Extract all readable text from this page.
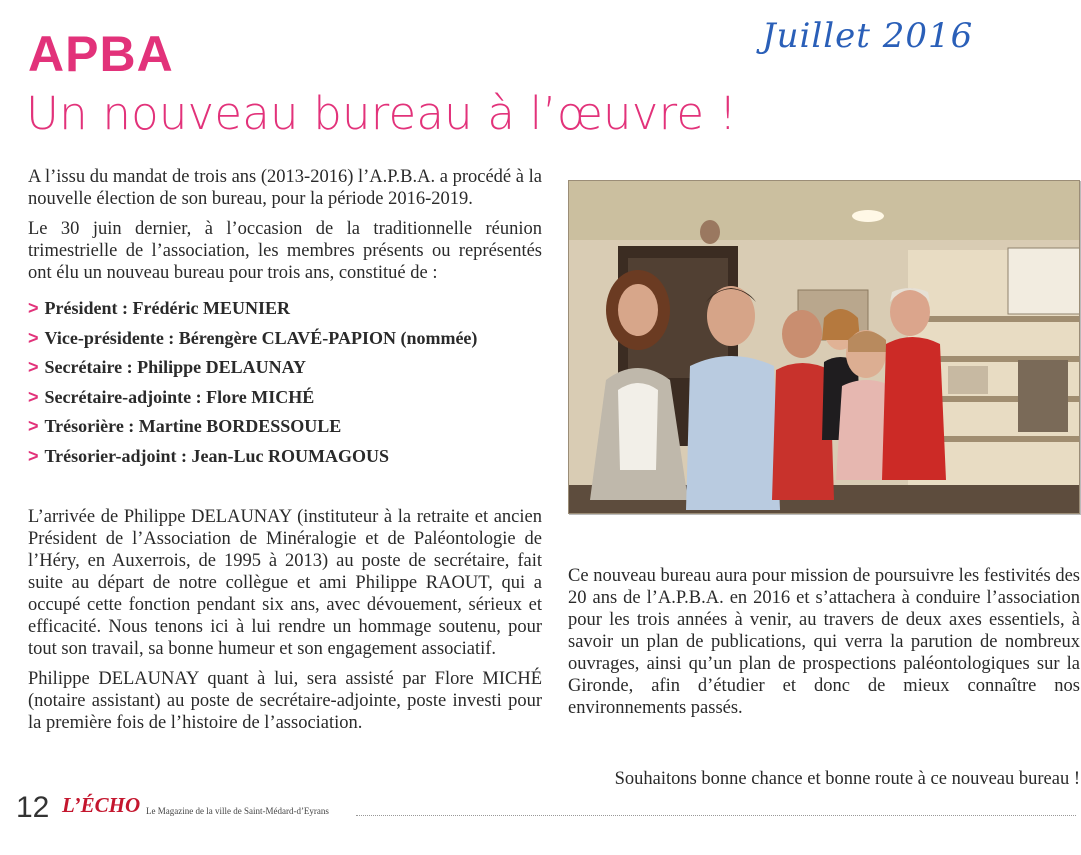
APBA
Un nouveau bureau à l’œuvre !
Juillet 2016

A l’issu du mandat de trois ans (2013-2016) l’A.P.B.A. a procédé à la nouvelle élection de son bureau, pour la période 2016-2019.

Le 30 juin dernier, à l’occasion de la traditionnelle réunion trimestrielle de l’association, les membres présents ou représentés ont élu un nouveau bureau pour trois ans, constitué de :

> Président : Frédéric MEUNIER
> Vice-présidente : Bérengère CLAVÉ-PAPION (nommée)
> Secrétaire : Philippe DELAUNAY
> Secrétaire-adjointe : Flore MICHÉ
> Trésorière : Martine BORDESSOULE
> Trésorier-adjoint : Jean-Luc ROUMAGOUS

L’arrivée de Philippe DELAUNAY (instituteur à la retraite et ancien Président de l’Association de Minéralogie et de Paléontologie de l’Héry, en Auxerrois, de 1995 à 2013) au poste de secrétaire, fait suite au départ de notre collègue et ami Philippe RAOUT, qui a occupé cette fonction pendant six ans, avec dévouement, sérieux et efficacité. Nous tenons ici à lui rendre un hommage soutenu, pour tout son travail, sa bonne humeur et son engagement associatif.

Philippe DELAUNAY quant à lui, sera assisté par Flore MICHÉ (notaire assistant) au poste de secrétaire-adjointe, poste investi pour la première fois de l’histoire de l’association.

Ce nouveau bureau aura pour mission de poursuivre les festivités des 20 ans de l’A.P.B.A. en 2016 et s’attachera à conduire l’association pour les trois années à venir, au travers de deux axes essentiels, à savoir un plan de publications, qui verra la parution de nombreux ouvrages, ainsi qu’un plan de prospections paléontologiques sur la Gironde, afin d’étudier et donc de mieux connaître nos environnements passés.

Souhaitons bonne chance et bonne route à ce nouveau bureau !
12 L’ÉCHO Le Magazine de la ville de Saint-Médard-d’Eyrans
